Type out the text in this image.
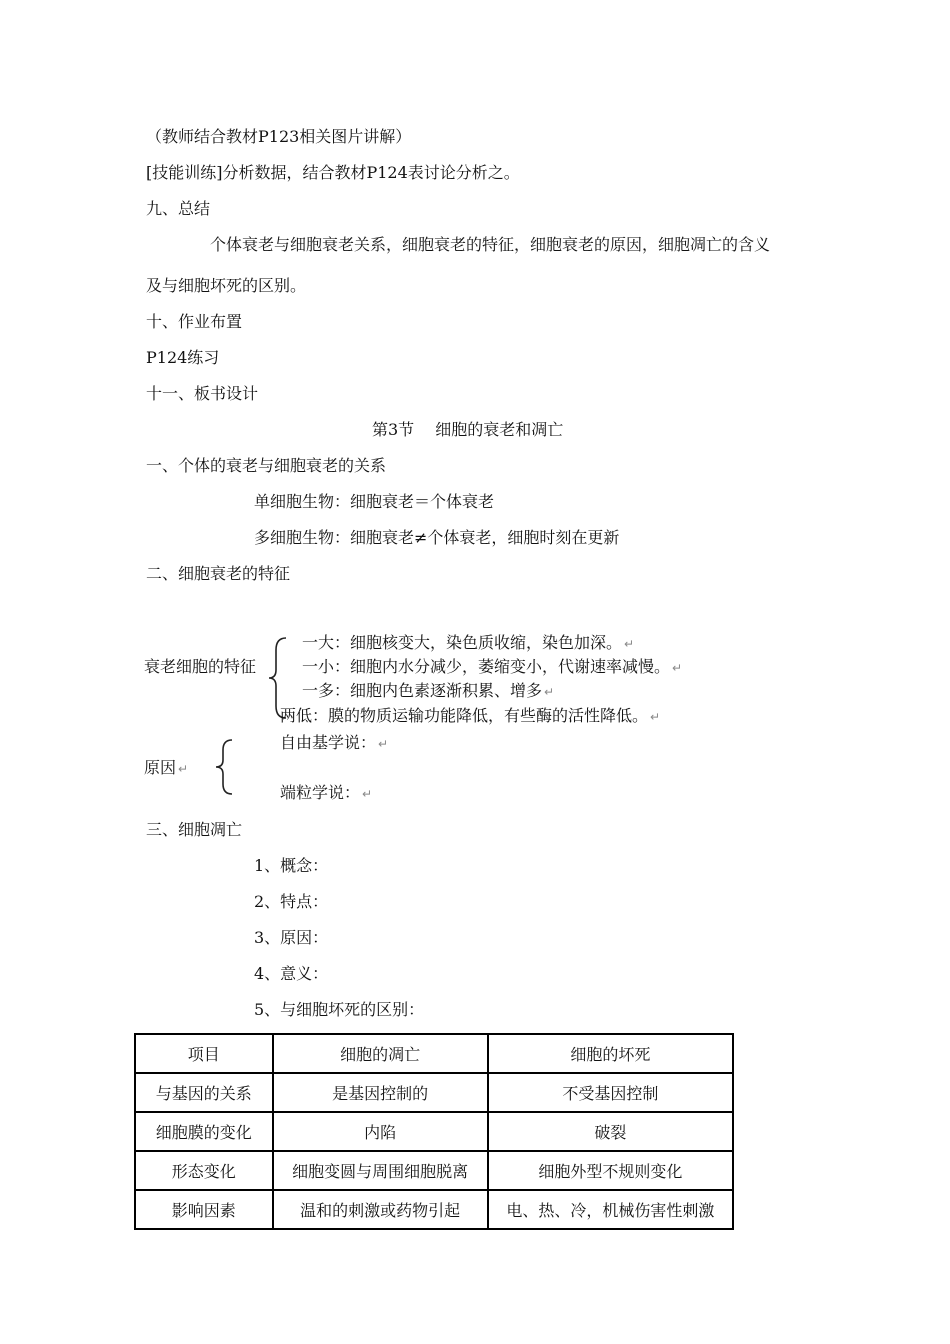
（教师结合教材P123相关图片讲解）
[技能训练]分析数据，结合教材P124表讨论分析之。
九、总结
个体衰老与细胞衰老关系，细胞衰老的特征，细胞衰老的原因，细胞凋亡的含义
及与细胞坏死的区别。
十、作业布置
P124练习
十一、板书设计
第3节　 细胞的衰老和凋亡
一、个体的衰老与细胞衰老的关系
单细胞生物：细胞衰老＝个体衰老
多细胞生物：细胞衰老≠个体衰老，细胞时刻在更新
二、细胞衰老的特征
衰老细胞的特征
一大：细胞核变大，染色质收缩，染色加深。 ↵
一小：细胞内水分减少，萎缩变小，代谢速率减慢。 ↵
一多：细胞内色素逐渐积累、增多 ↵
两低：膜的物质运输功能降低，有些酶的活性降低。 ↵
原因 ↵
自由基学说： ↵
端粒学说： ↵
三、细胞凋亡
1、概念：
2、特点：
3、原因：
4、意义：
5、与细胞坏死的区别：
项目	细胞的凋亡	细胞的坏死
与基因的关系	是基因控制的	不受基因控制
细胞膜的变化	内陷	破裂
形态变化	细胞变圆与周围细胞脱离	细胞外型不规则变化
影响因素	温和的刺激或药物引起	电、热、冷，机械伤害性刺激
